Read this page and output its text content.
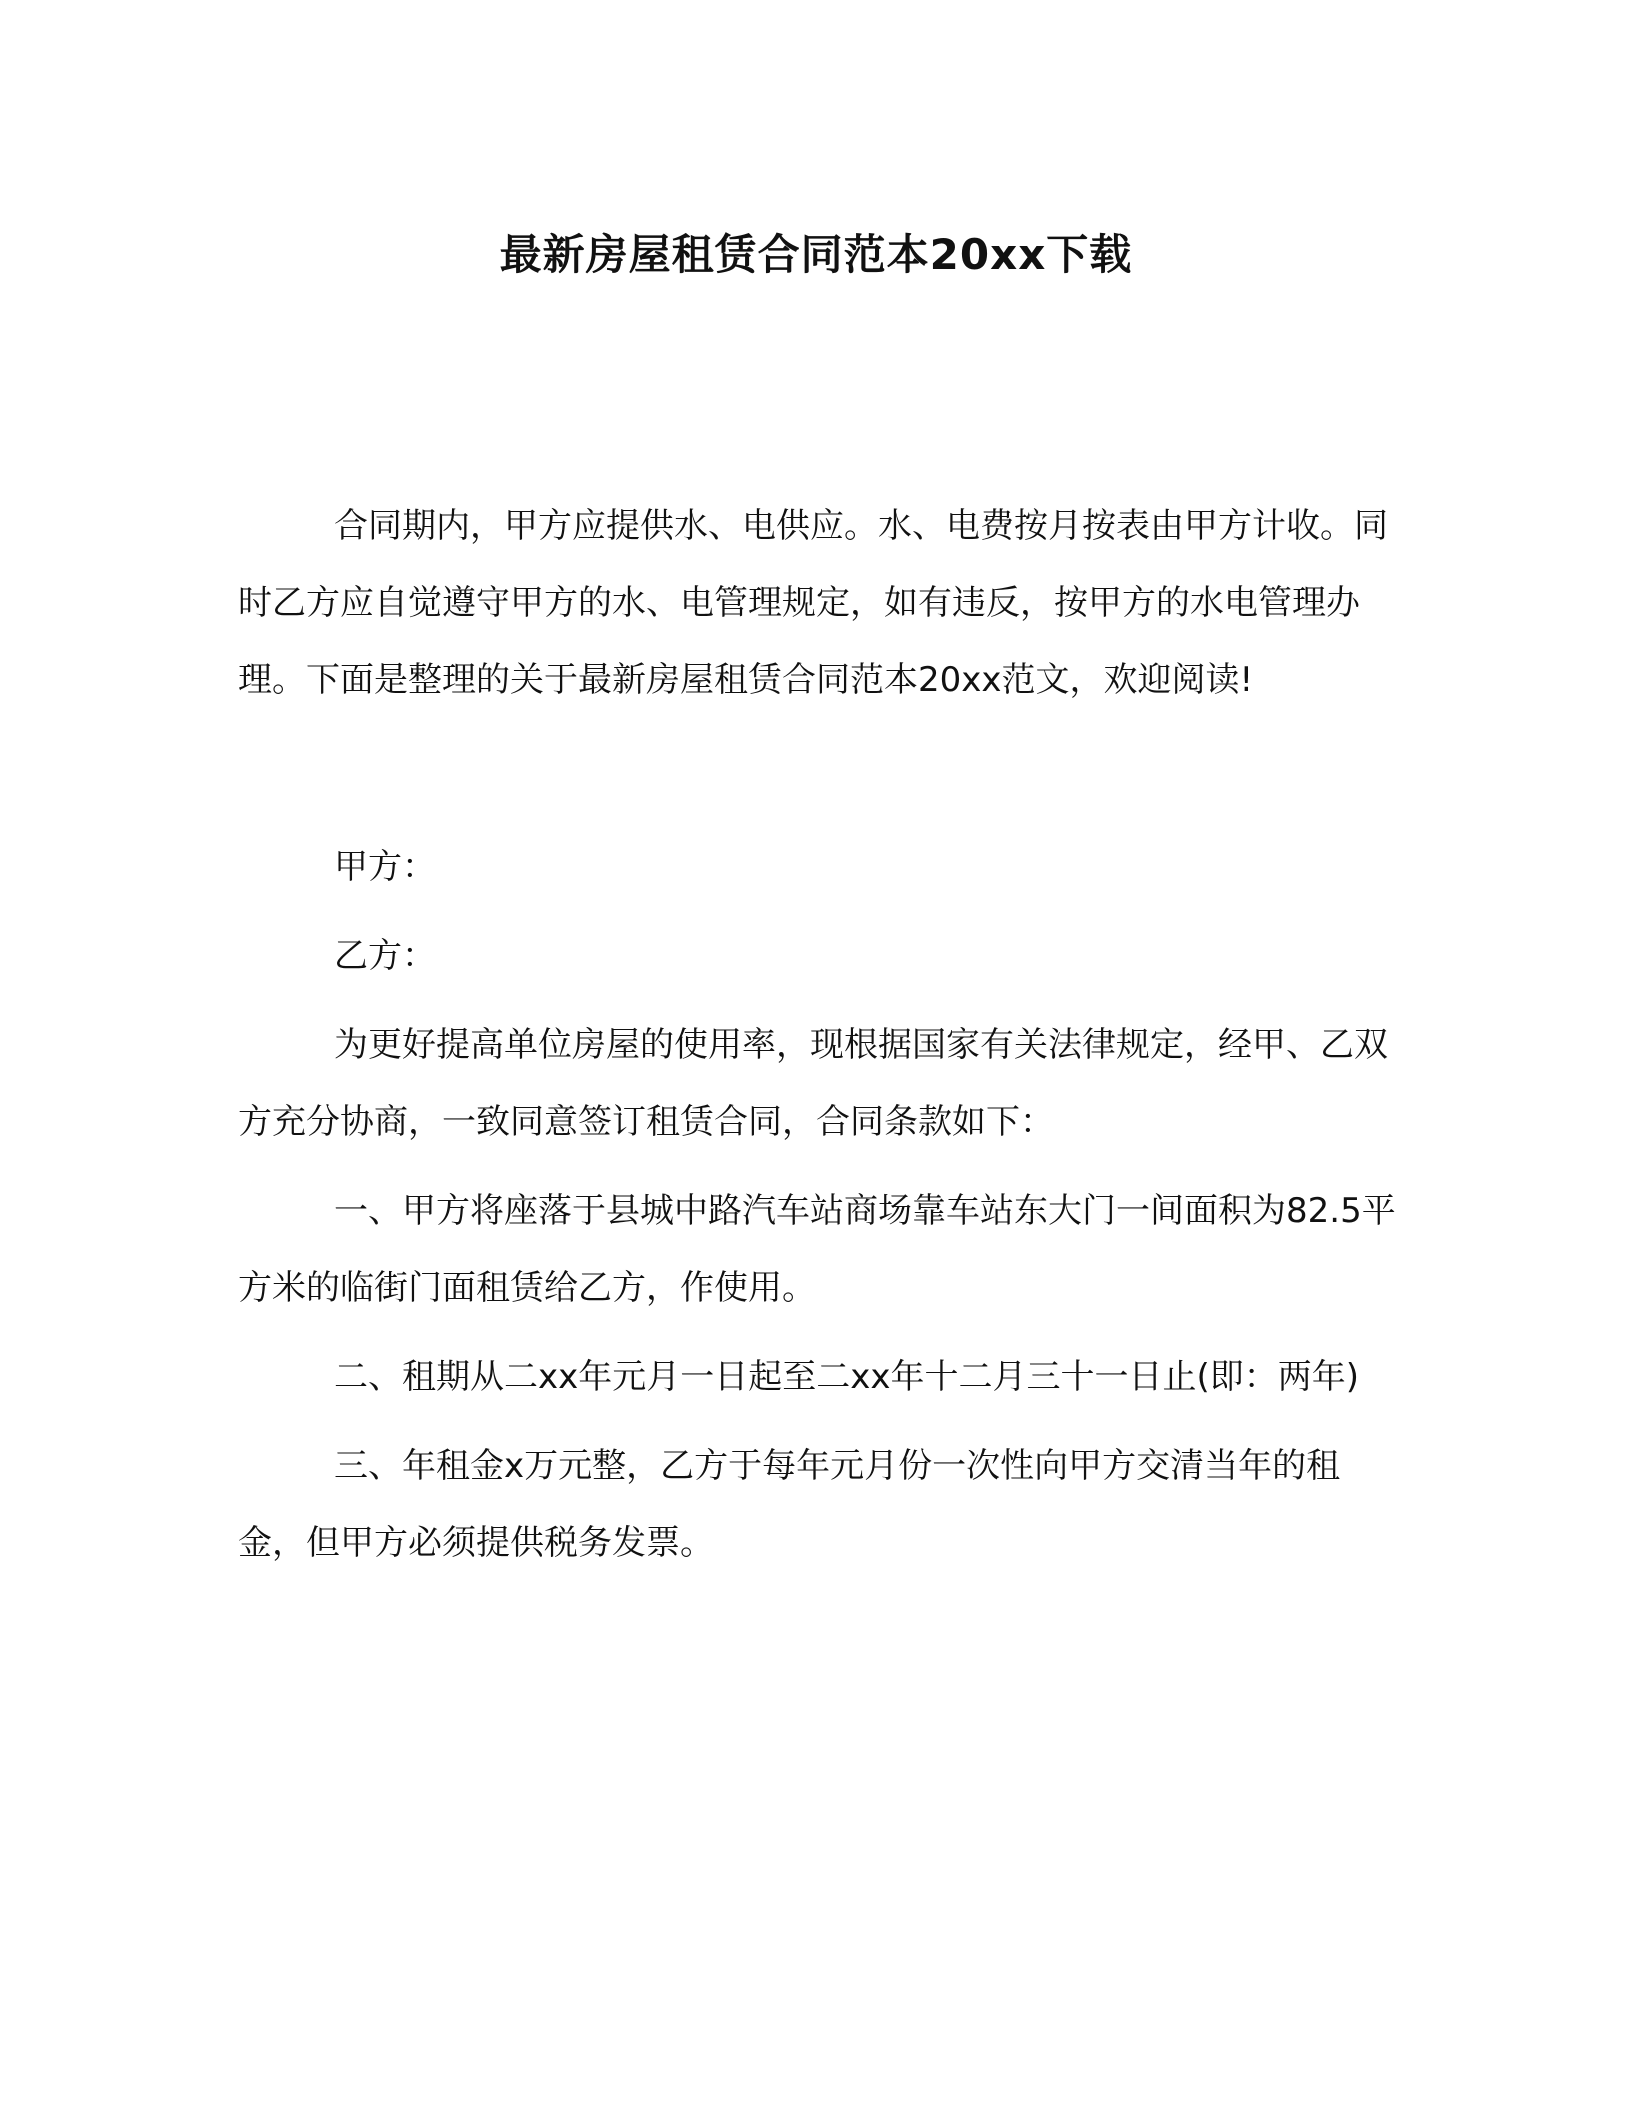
最新房屋租赁合同范本20xx下载

合同期内，甲方应提供水、电供应。水、电费按月按表由甲方计收。同时乙方应自觉遵守甲方的水、电管理规定，如有违反，按甲方的水电管理办理。下面是整理的关于最新房屋租赁合同范本20xx范文，欢迎阅读!

甲方：

乙方：

为更好提高单位房屋的使用率，现根据国家有关法律规定，经甲、乙双方充分协商，一致同意签订租赁合同，合同条款如下：

一、甲方将座落于县城中路汽车站商场靠车站东大门一间面积为82.5平方米的临街门面租赁给乙方，作使用。

二、租期从二xx年元月一日起至二xx年十二月三十一日止(即：两年)

三、年租金x万元整，乙方于每年元月份一次性向甲方交清当年的租金，但甲方必须提供税务发票。
